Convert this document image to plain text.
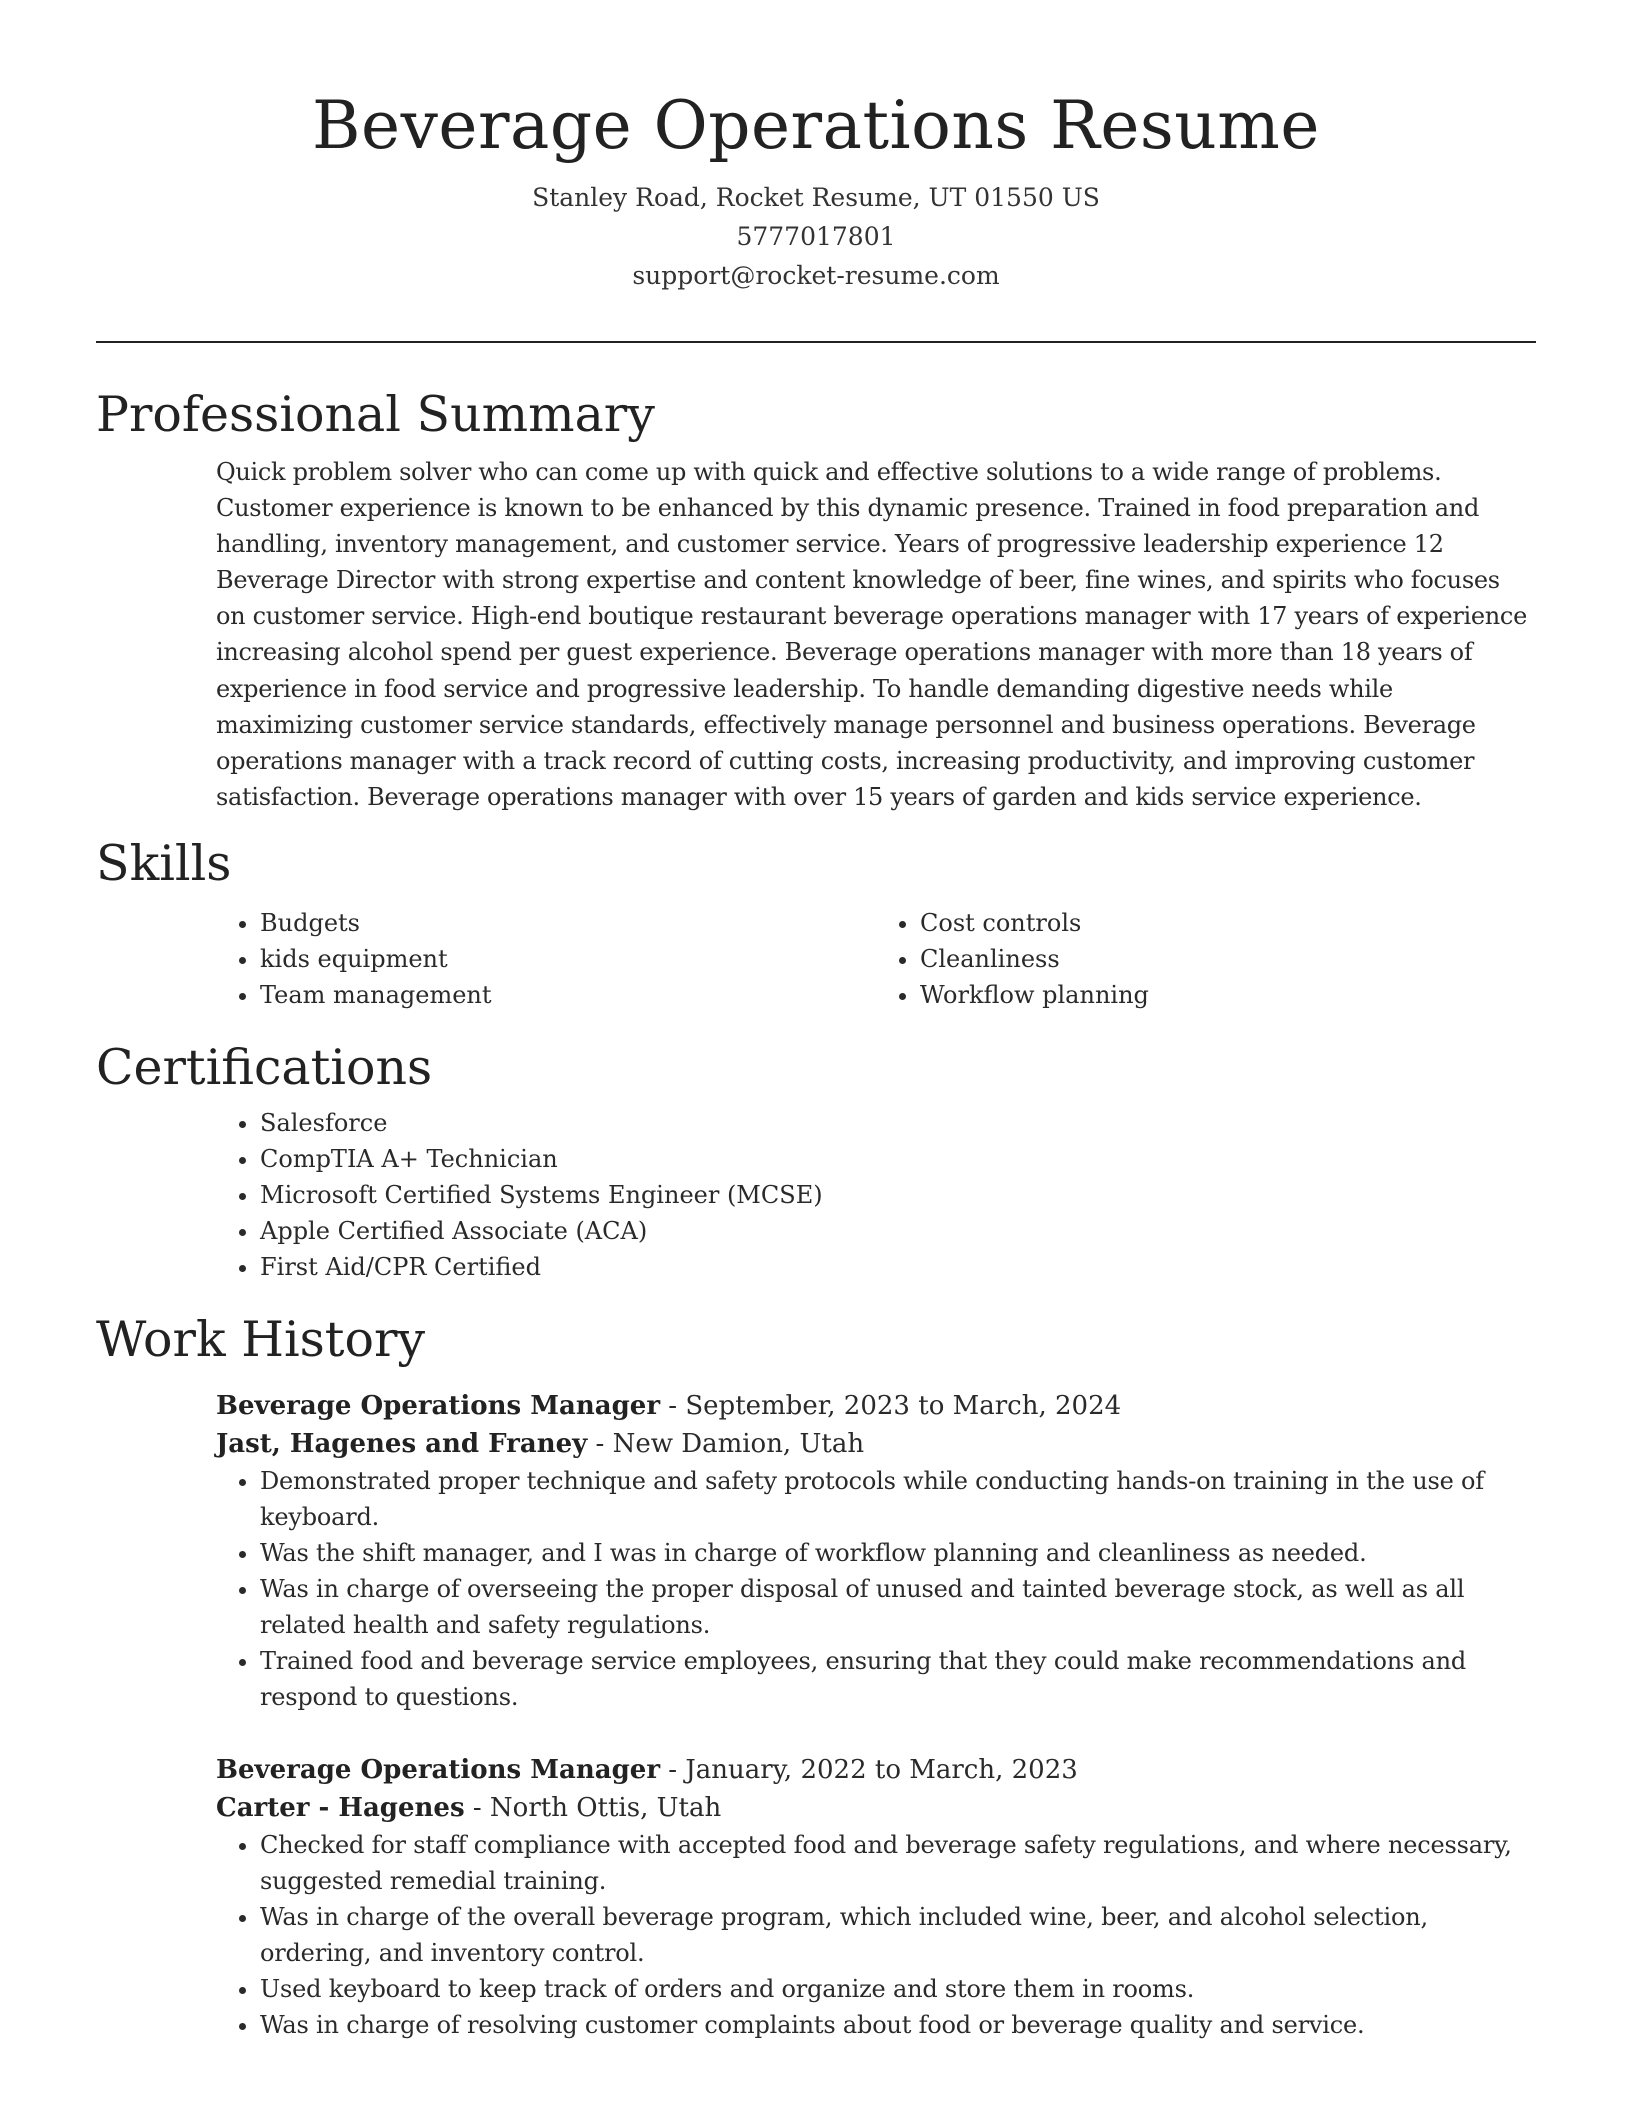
Beverage Operations Resume
Stanley Road, Rocket Resume, UT 01550 US
5777017801
support@rocket-resume.com
Professional Summary

Quick problem solver who can come up with quick and effective solutions to a wide range of problems. Customer experience is known to be enhanced by this dynamic presence. Trained in food preparation and handling, inventory management, and customer service. Years of progressive leadership experience 12 Beverage Director with strong expertise and content knowledge of beer, fine wines, and spirits who focuses on customer service. High-end boutique restaurant beverage operations manager with 17 years of experience increasing alcohol spend per guest experience. Beverage operations manager with more than 18 years of experience in food service and progressive leadership. To handle demanding digestive needs while maximizing customer service standards, effectively manage personnel and business operations. Beverage operations manager with a track record of cutting costs, increasing productivity, and improving customer satisfaction. Beverage operations manager with over 15 years of garden and kids service experience.

Skills
• Budgets
• kids equipment
• Team management
• Cost controls
• Cleanliness
• Workflow planning
Certifications
• Salesforce
• CompTIA A+ Technician
• Microsoft Certified Systems Engineer (MCSE)
• Apple Certified Associate (ACA)
• First Aid/CPR Certified
Work History
Beverage Operations Manager - September, 2023 to March, 2024
Jast, Hagenes and Franey - New Damion, Utah
• Demonstrated proper technique and safety protocols while conducting hands-on training in the use of keyboard.
• Was the shift manager, and I was in charge of workflow planning and cleanliness as needed.
• Was in charge of overseeing the proper disposal of unused and tainted beverage stock, as well as all related health and safety regulations.
• Trained food and beverage service employees, ensuring that they could make recommendations and respond to questions.
Beverage Operations Manager - January, 2022 to March, 2023
Carter - Hagenes - North Ottis, Utah
• Checked for staff compliance with accepted food and beverage safety regulations, and where necessary, suggested remedial training.
• Was in charge of the overall beverage program, which included wine, beer, and alcohol selection, ordering, and inventory control.
• Used keyboard to keep track of orders and organize and store them in rooms.
• Was in charge of resolving customer complaints about food or beverage quality and service.
